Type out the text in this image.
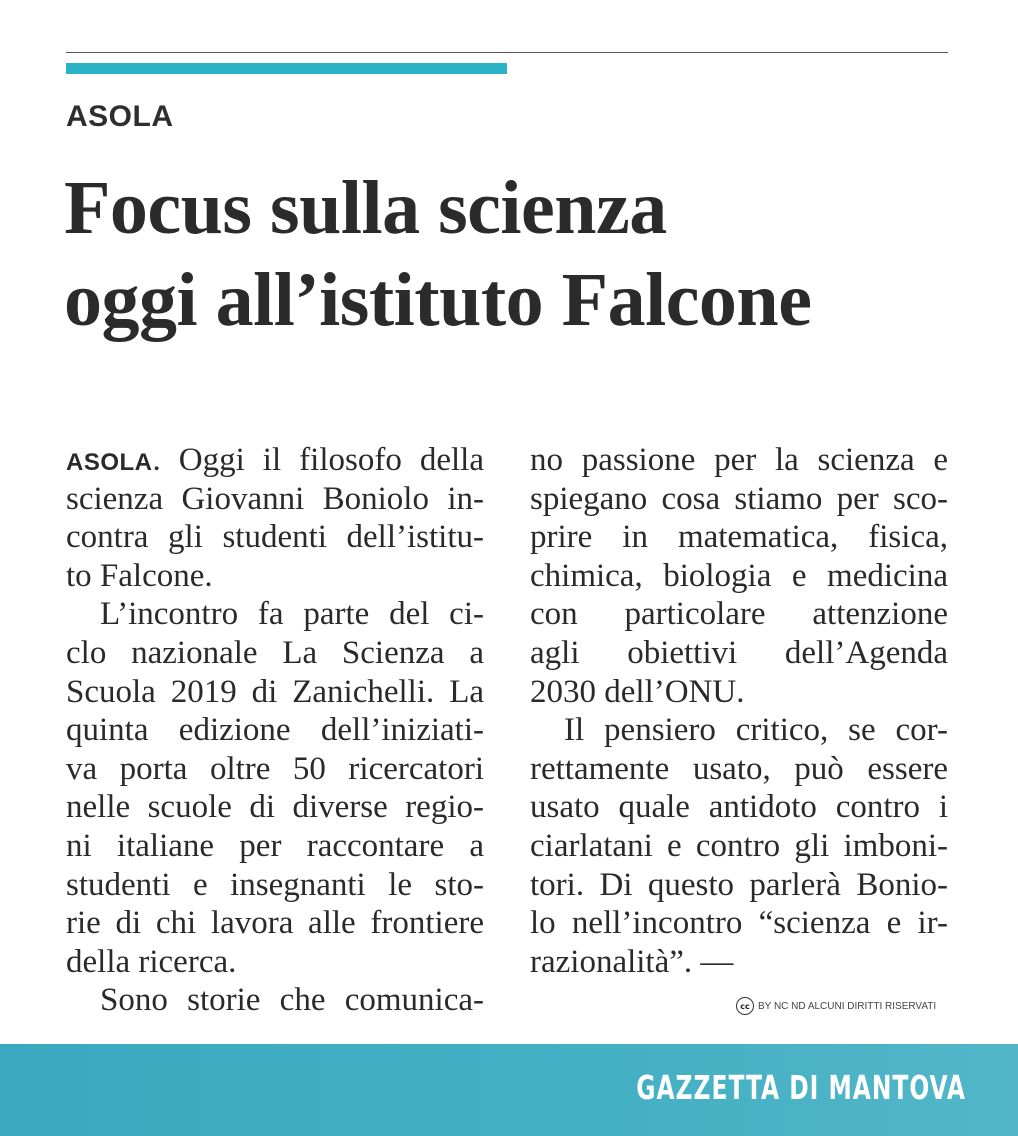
ASOLA
Focus sulla scienza
oggi all’istituto Falcone
ASOLA. Oggi il filosofo della
scienza Giovanni Boniolo in-
contra gli studenti dell’istitu-
to Falcone.
L’incontro fa parte del ci-
clo nazionale La Scienza a
Scuola 2019 di Zanichelli. La
quinta edizione dell’iniziati-
va porta oltre 50 ricercatori
nelle scuole di diverse regio-
ni italiane per raccontare a
studenti e insegnanti le sto-
rie di chi lavora alle frontiere
della ricerca.
Sono storie che comunica-
no passione per la scienza e
spiegano cosa stiamo per sco-
prire in matematica, fisica,
chimica, biologia e medicina
con particolare attenzione
agli obiettivi dell’Agenda
2030 dell’ONU.
Il pensiero critico, se cor-
rettamente usato, può essere
usato quale antidoto contro i
ciarlatani e contro gli imboni-
tori. Di questo parlerà Bonio-
lo nell’incontro “scienza e ir-
razionalità”. —
cc BY NC ND ALCUNI DIRITTI RISERVATI
GAZZETTA DI MANTOVA
